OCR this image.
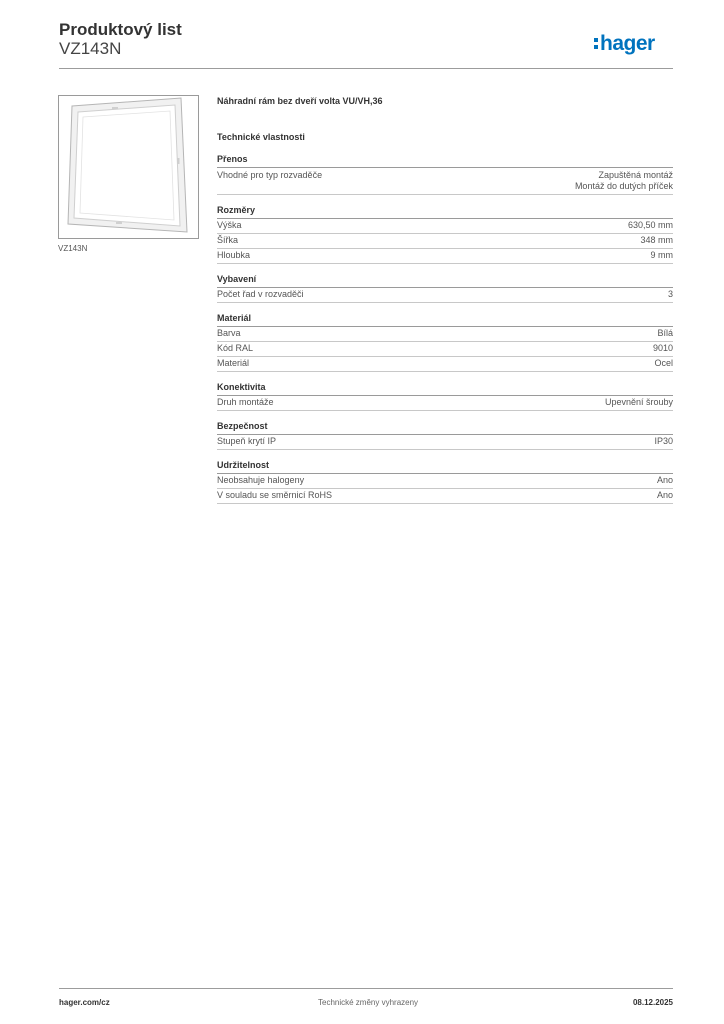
Produktový list
VZ143N	hager
VZ143N
Náhradní rám bez dveří volta VU/VH,36
Technické vlastnosti
Přenos
Vhodné pro typ rozvaděče	Zapuštěná montáž
Montáž do dutých příček
Rozměry
Výška	630,50 mm
Šířka	348 mm
Hloubka	9 mm
Vybavení
Počet řad v rozvaděči	3
Materiál
Barva	Bílá
Kód RAL	9010
Materiál	Ocel
Konektivita
Druh montáže	Upevnění šrouby
Bezpečnost
Stupeň krytí IP	IP30
Udržitelnost
Neobsahuje halogeny	Ano
V souladu se směrnicí RoHS	Ano
hager.com/cz	Technické změny vyhrazeny	08.12.2025
